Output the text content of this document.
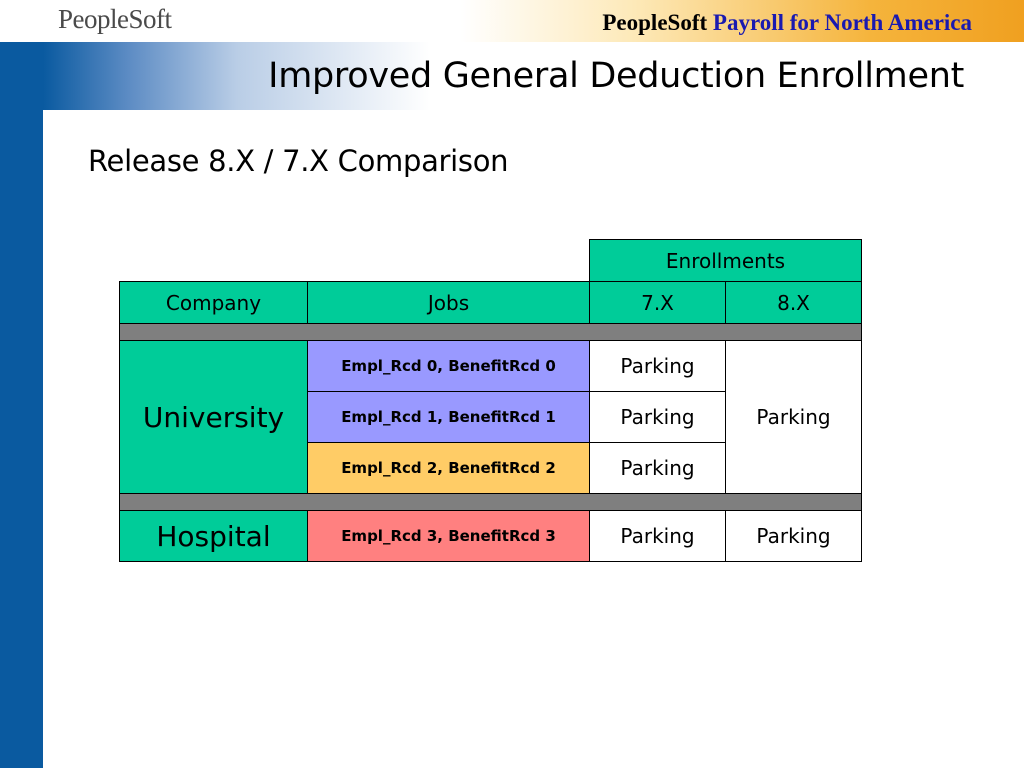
PeopleSoft	PeopleSoft Payroll for North America
Improved General Deduction Enrollment
Release 8.X / 7.X Comparison
		Enrollments	
Company	Jobs	7.X	8.X

University	Empl_Rcd 0, BenefitRcd 0	Parking	Parking
	Empl_Rcd 1, BenefitRcd 1	Parking	
	Empl_Rcd 2, BenefitRcd 2	Parking	

Hospital	Empl_Rcd 3, BenefitRcd 3	Parking	Parking
